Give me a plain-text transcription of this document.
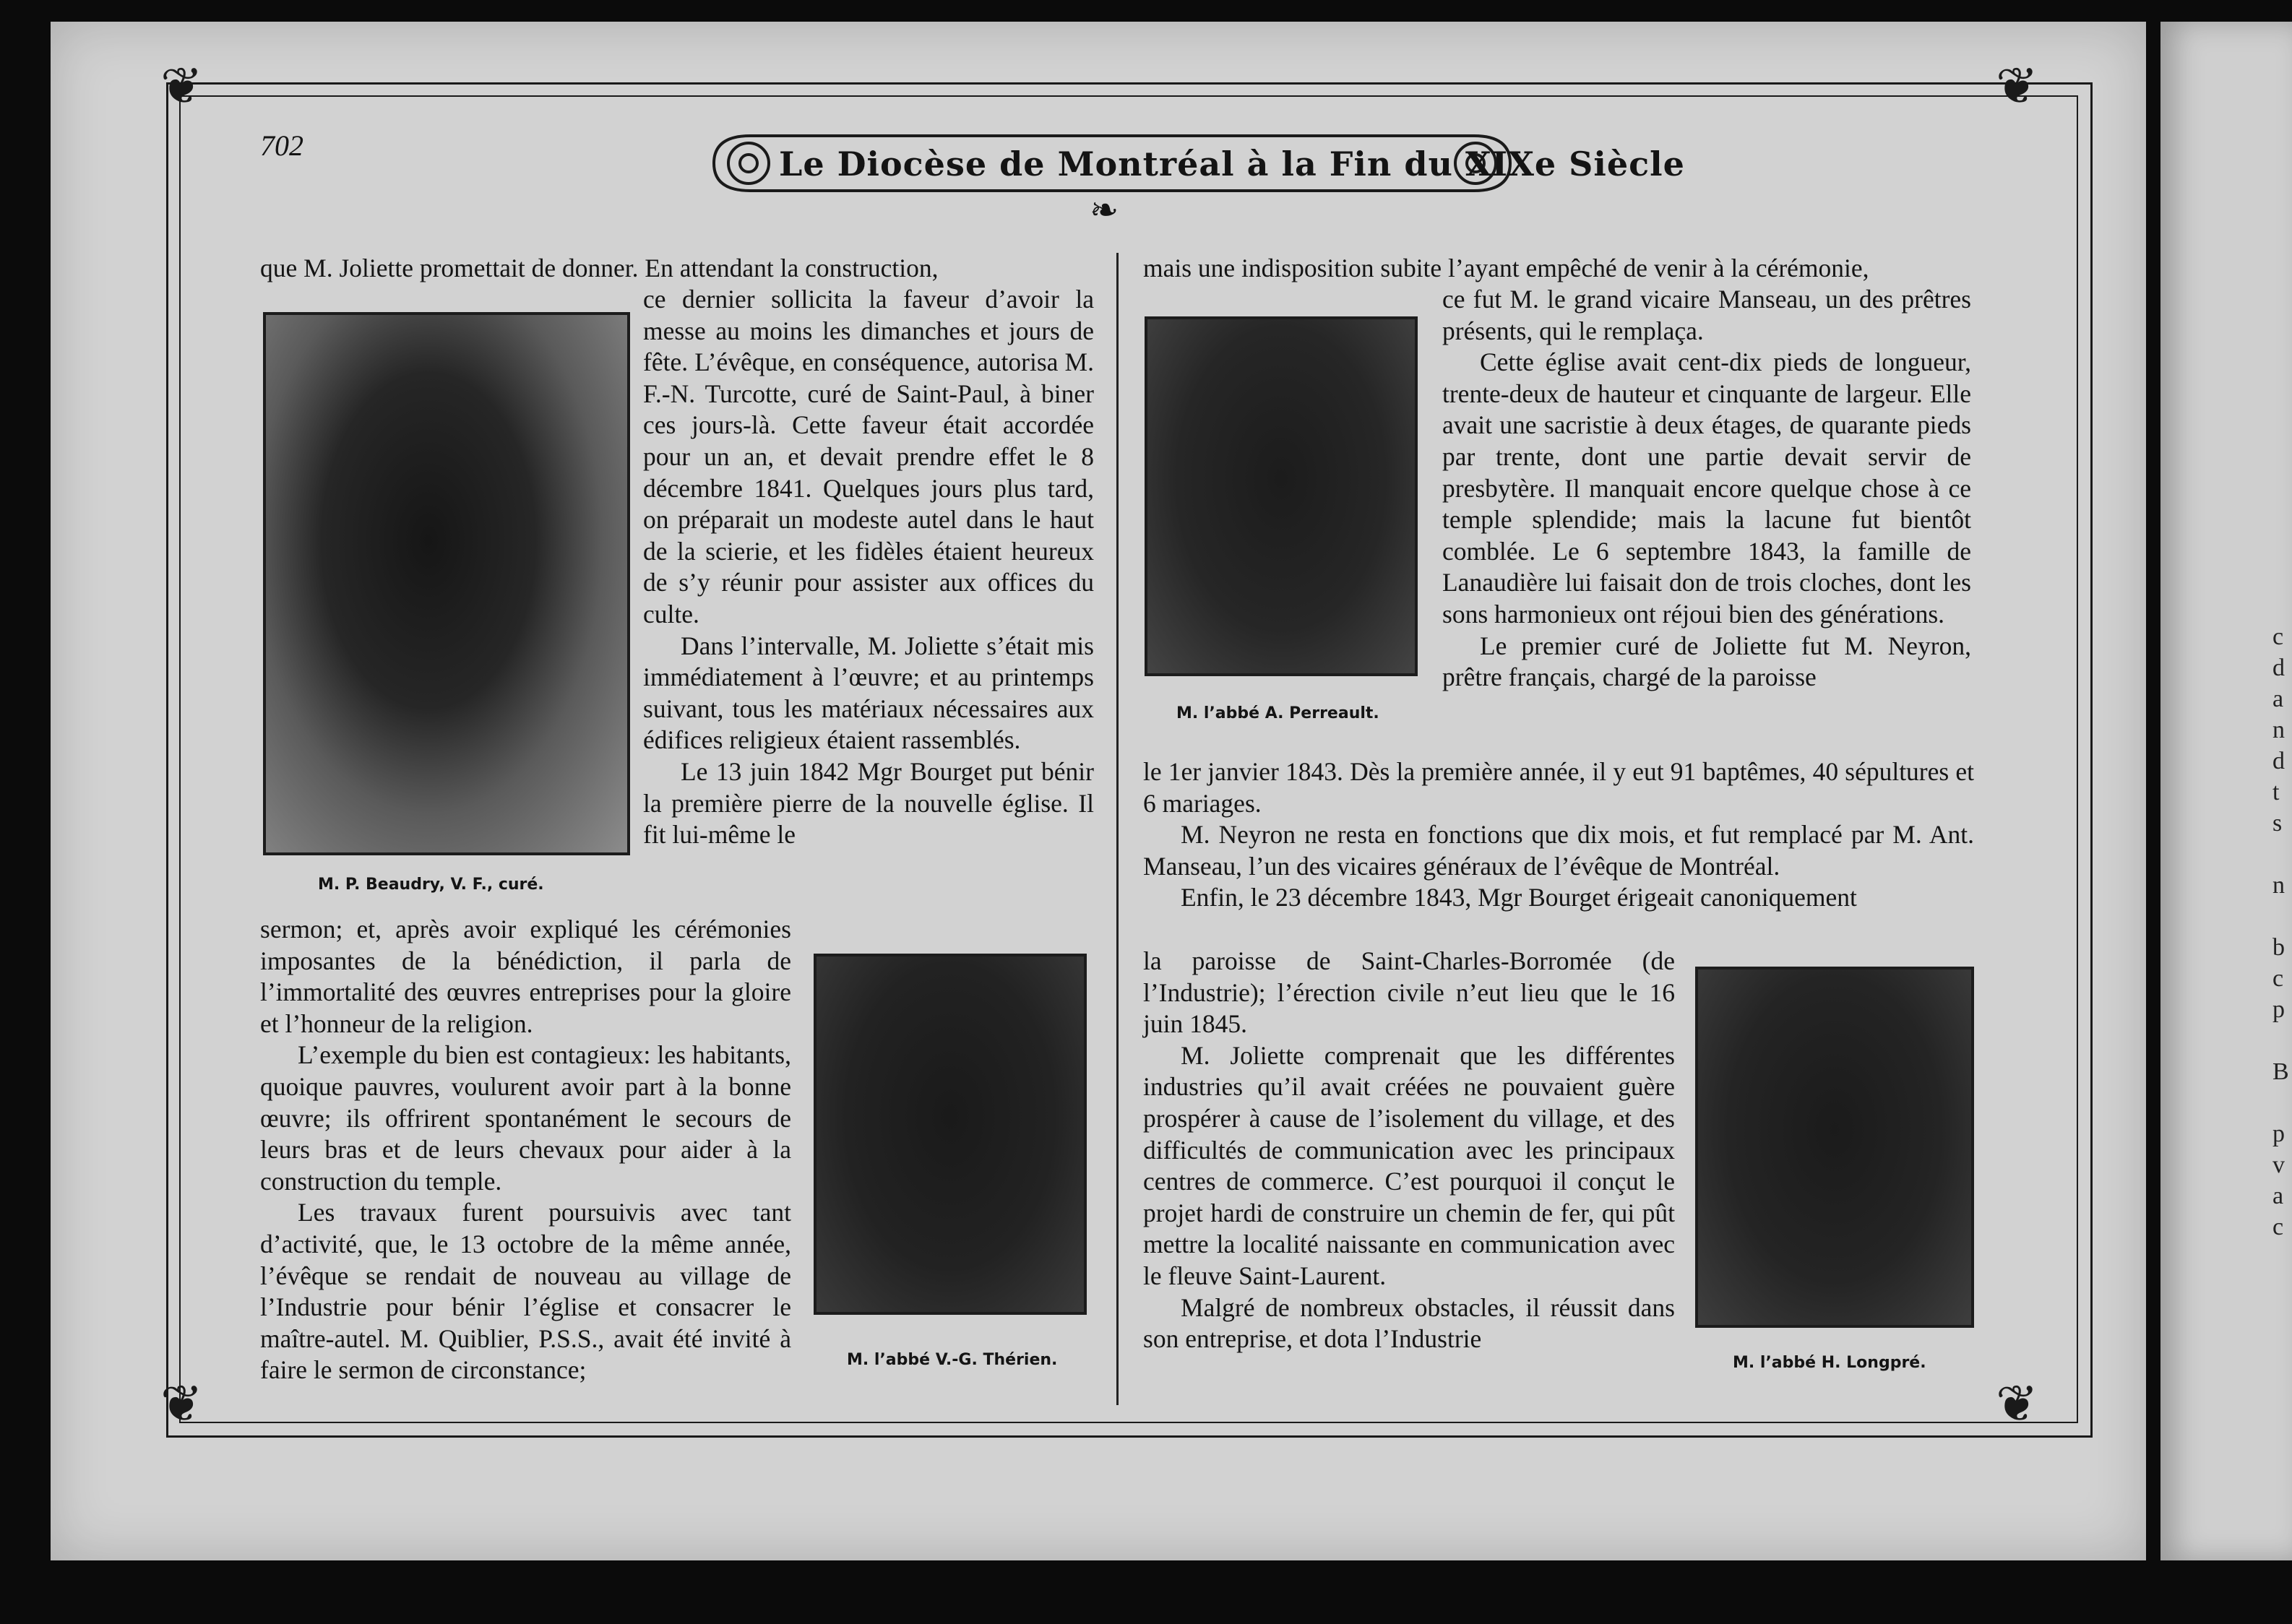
❦	❦
❦	❦
702	Le Diocèse de Montréal à la Fin du XIXe Siècle
❧

que M. Joliette promettait de donner. En attendant la construction,

M. P. Beaudry, V. F., curé.

ce dernier sollicita la faveur d’avoir la messe au moins les dimanches et jours de fête. L’évêque, en conséquence, autorisa M. F.-N. Turcotte, curé de Saint-Paul, à biner ces jours-là. Cette faveur était accordée pour un an, et devait prendre effet le 8 décembre 1841. Quelques jours plus tard, on préparait un modeste autel dans le haut de la scierie, et les fidèles étaient heureux de s’y réunir pour assister aux offices du culte.

Dans l’intervalle, M. Joliette s’était mis immédiatement à l’œuvre; et au printemps suivant, tous les matériaux nécessaires aux édifices religieux étaient rassemblés.

Le 13 juin 1842 Mgr Bourget put bénir la première pierre de la nouvelle église. Il fit lui-même le

sermon; et, après avoir expliqué les cérémonies imposantes de la bénédiction, il parla de l’immortalité des œuvres entreprises pour la gloire et l’honneur de la religion.

L’exemple du bien est contagieux: les habitants, quoique pauvres, voulurent avoir part à la bonne œuvre; ils offrirent spontanément le secours de leurs bras et de leurs chevaux pour aider à la construction du temple.

Les travaux furent poursuivis avec tant d’activité, que, le 13 octobre de la même année, l’évêque se rendait de nouveau au village de l’Industrie pour bénir l’église et consacrer le maître-autel. M. Quiblier, P.S.S., avait été invité à faire le sermon de circonstance;	M. l’abbé V.-G. Thérien.

mais une indisposition subite l’ayant empêché de venir à la cérémonie,

M. l’abbé A. Perreault.

ce fut M. le grand vicaire Manseau, un des prêtres présents, qui le remplaça.

Cette église avait cent-dix pieds de longueur, trente-deux de hauteur et cinquante de largeur. Elle avait une sacristie à deux étages, de quarante pieds par trente, dont une partie devait servir de presbytère. Il manquait encore quelque chose à ce temple splendide; mais la lacune fut bientôt comblée. Le 6 septembre 1843, la famille de Lanaudière lui faisait don de trois cloches, dont les sons harmonieux ont réjoui bien des générations.

Le premier curé de Joliette fut M. Neyron, prêtre français, chargé de la paroisse

le 1er janvier 1843. Dès la première année, il y eut 91 baptêmes, 40 sépultures et 6 mariages.

M. Neyron ne resta en fonctions que dix mois, et fut remplacé par M. Ant. Manseau, l’un des vicaires généraux de l’évêque de Montréal.

Enfin, le 23 décembre 1843, Mgr Bourget érigeait canoniquement

la paroisse de Saint-Charles-Borromée (de l’Industrie); l’érection civile n’eut lieu que le 16 juin 1845.

M. Joliette comprenait que les différentes industries qu’il avait créées ne pouvaient guère prospérer à cause de l’isolement du village, et des difficultés de communication avec les principaux centres de commerce. C’est pourquoi il conçut le projet hardi de construire un chemin de fer, qui pût mettre la localité naissante en communication avec le fleuve Saint-Laurent.

Malgré de nombreux obstacles, il réussit dans son entreprise, et dota l’Industrie

M. l’abbé H. Longpré.
c
d
a
n
d
t
s

n

b
c
p

B

p
v
a
c
